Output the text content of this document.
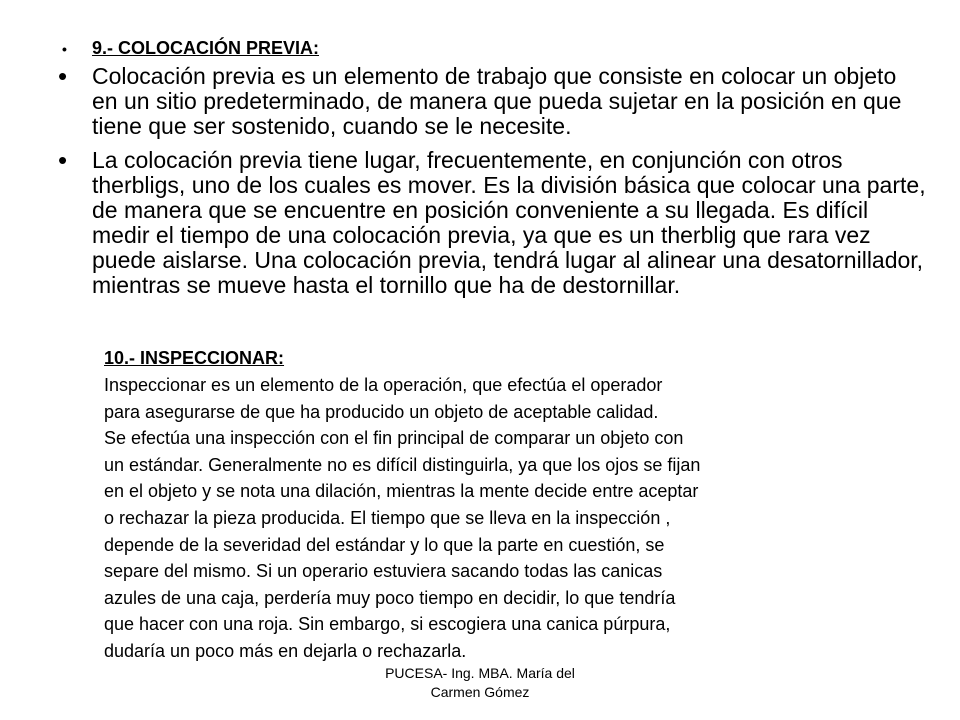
• 9.- COLOCACIÓN PREVIA:
• Colocación previa es un elemento de trabajo que consiste en colocar un objeto en un sitio predeterminado, de manera que pueda sujetar en la posición en que tiene que ser sostenido, cuando se le necesite.
• La colocación previa tiene lugar, frecuentemente, en conjunción con otros therbligs, uno de los cuales es mover. Es la división básica que colocar una parte, de manera que se encuentre en posición conveniente a su llegada. Es difícil medir el tiempo de una colocación previa, ya que es un therblig que rara vez puede aislarse. Una colocación previa, tendrá lugar al alinear una desatornillador, mientras se mueve hasta el tornillo que ha de destornillar.

10.- INSPECCIONAR:

Inspeccionar es un elemento de la operación, que efectúa el operador
para asegurarse de que ha producido un objeto de aceptable calidad.
Se efectúa una inspección con el fin principal de comparar un objeto con
un estándar. Generalmente no es difícil distinguirla, ya que los ojos se fijan
en el objeto y se nota una dilación, mientras la mente decide entre aceptar
o rechazar la pieza producida. El tiempo que se lleva en la inspección ,
depende de la severidad del estándar y lo que la parte en cuestión, se
separe del mismo. Si un operario estuviera sacando todas las canicas
azules de una caja, perdería muy poco tiempo en decidir, lo que tendría
que hacer con una roja. Sin embargo, si escogiera una canica púrpura,
dudaría un poco más en dejarla o rechazarla.
PUCESA- Ing. MBA. María del
Carmen Gómez
